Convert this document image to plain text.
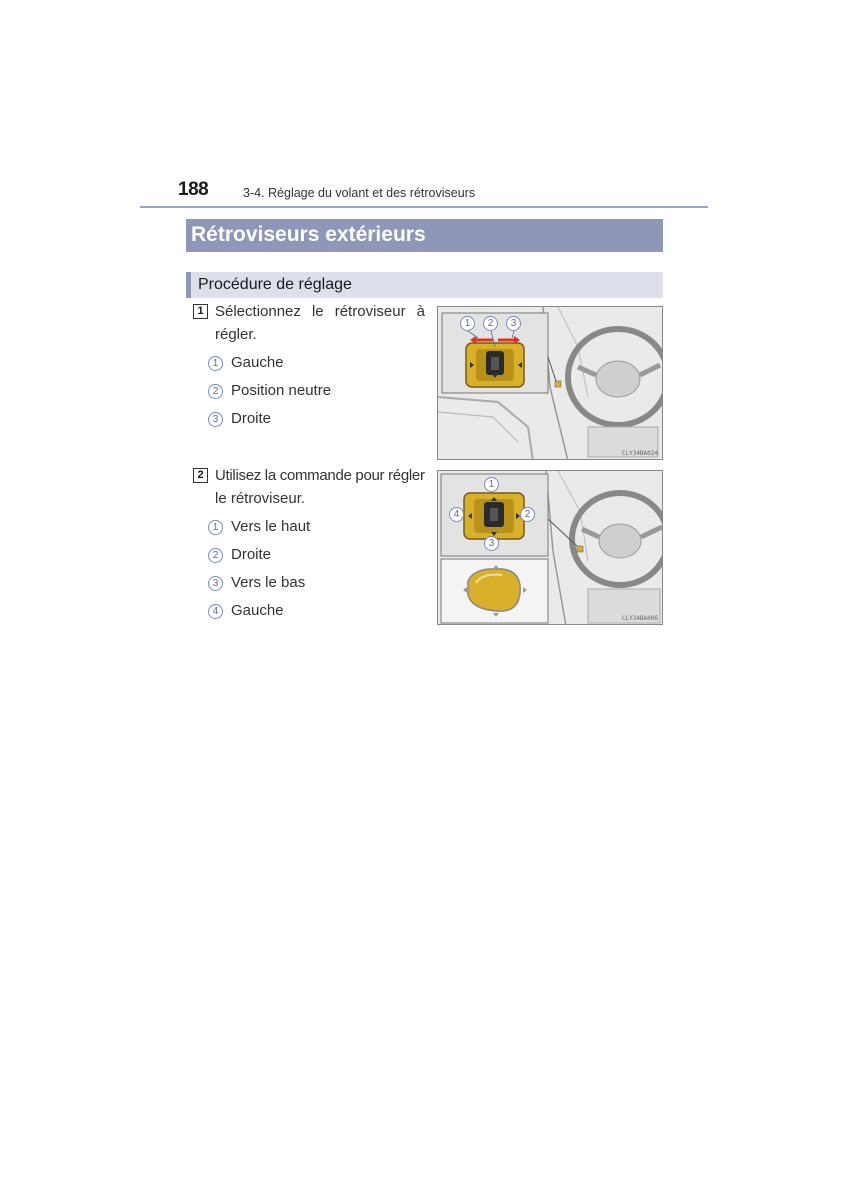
188	3-4. Réglage du volant et des rétroviseurs
Rétroviseurs extérieurs
Procédure de réglage
1 Sélectionnez le rétroviseur à
régler.
1 Gauche
2 Position neutre
3 Droite
1	2	3
CLY34BA024
2 Utilisez la commande pour régler
le rétroviseur.
1 Vers le haut
2 Droite
3 Vers le bas
4 Gauche
1
2
3
4
CLY34BA006
